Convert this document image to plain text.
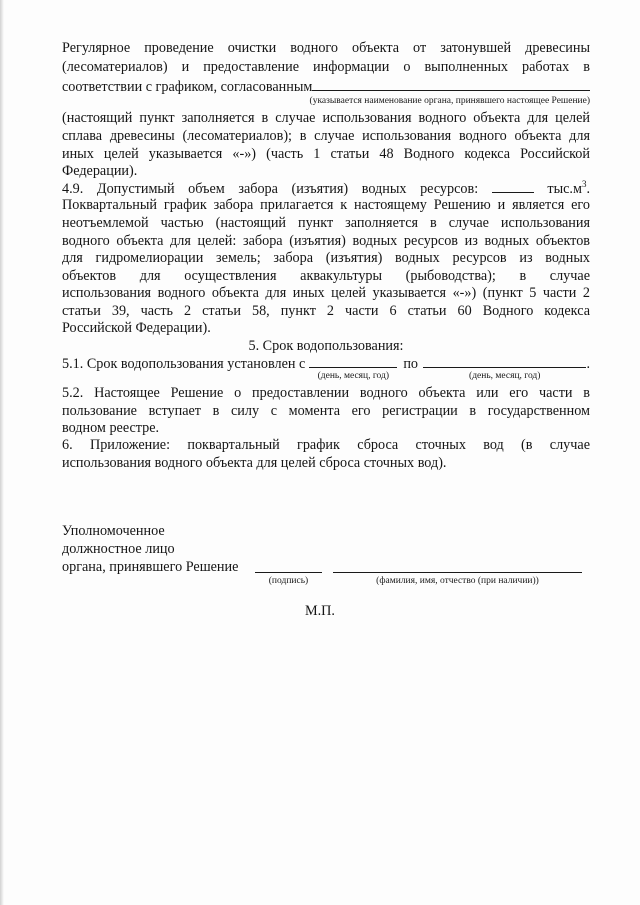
Регулярное проведение очистки водного объекта от затонувшей древесины
(лесоматериалов) и предоставление информации о выполненных работах в
соответствии с графиком, согласованным
(указывается наименование органа, принявшего настоящее Решение)
(настоящий пункт заполняется в случае использования водного объекта для целей
сплава древесины (лесоматериалов); в случае использования водного объекта для
иных целей указывается «-») (часть 1 статьи 48 Водного кодекса Российской
Федерации).
4.9. Допустимый объем забора (изъятия) водных ресурсов:	$тыс.м^3$.
Поквартальный график забора прилагается к настоящему Решению и является его
неотъемлемой частью (настоящий пункт заполняется в случае использования
водного объекта для целей: забора (изъятия) водных ресурсов из водных объектов
для гидромелиорации земель; забора (изъятия) водных ресурсов из водных
объектов для осуществления аквакультуры (рыбоводства); в случае
использования водного объекта для иных целей указывается «-») (пункт 5 части 2
статьи 39, часть 2 статьи 58, пункт 2 части 6 статьи 60 Водного кодекса
Российской Федерации).
5. Срок водопользования:
5.1. Срок водопользования установлен с
(день, месяц, год)
по
(день, месяц, год)
.
5.2. Настоящее Решение о предоставлении водного объекта или его части в
пользование вступает в силу с момента его регистрации в государственном
водном реестре.
6. Приложение: поквартальный график сброса сточных вод (в случае
использования водного объекта для целей сброса сточных вод).
Уполномоченное
должностное лицо
органа, принявшего Решение
(подпись)	(фамилия, имя, отчество (при наличии))
М.П.
